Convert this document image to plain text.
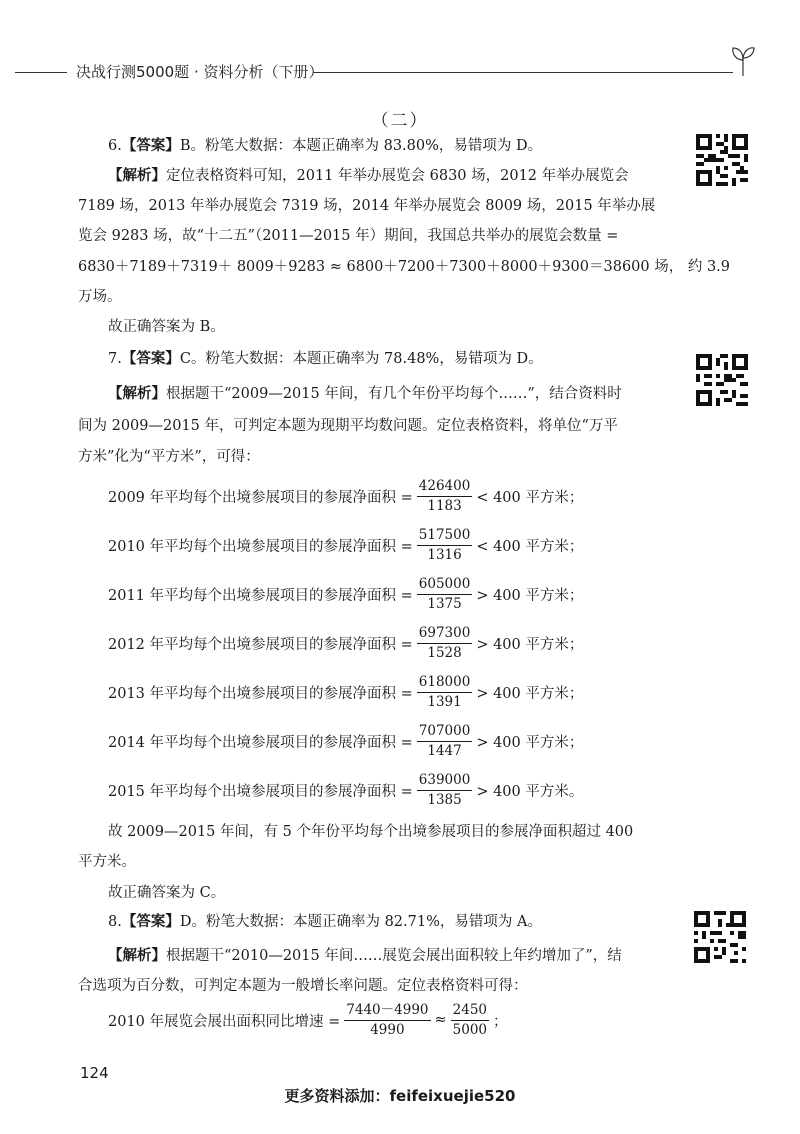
决战行测5000题 · 资料分析（下册）
（二）
6.【答案】B。粉笔大数据：本题正确率为 83.80%，易错项为 D。
【解析】定位表格资料可知，2011 年举办展览会 6830 场，2012 年举办展览会
7189 场，2013 年举办展览会 7319 场，2014 年举办展览会 8009 场，2015 年举办展
览会 9283 场，故“十二五”（2011—2015 年）期间，我国总共举办的展览会数量 =
6830＋7189＋7319＋ 8009＋9283 ≈ 6800＋7200＋7300＋8000＋9300＝38600 场， 约 3.9
万场。
故正确答案为 B。
7.【答案】C。粉笔大数据：本题正确率为 78.48%，易错项为 D。
【解析】根据题干“2009—2015 年间，有几个年份平均每个……”，结合资料时
间为 2009—2015 年，可判定本题为现期平均数问题。定位表格资料，将单位“万平
方米”化为“平方米”，可得：
2009 年平均每个出境参展项目的参展净面积 = $\frac{426400}{1183} < 400$ 平方米；
2010 年平均每个出境参展项目的参展净面积 = $\frac{517500}{1316} < 400$ 平方米；
2011 年平均每个出境参展项目的参展净面积 = $\frac{605000}{1375} > 400$ 平方米；
2012 年平均每个出境参展项目的参展净面积 = $\frac{697300}{1528} > 400$ 平方米；
2013 年平均每个出境参展项目的参展净面积 = $\frac{618000}{1391} > 400$ 平方米；
2014 年平均每个出境参展项目的参展净面积 = $\frac{707000}{1447} > 400$ 平方米；
2015 年平均每个出境参展项目的参展净面积 = $\frac{639000}{1385} > 400$ 平方米。
故 2009—2015 年间，有 5 个年份平均每个出境参展项目的参展净面积超过 400
平方米。
故正确答案为 C。
8.【答案】D。粉笔大数据：本题正确率为 82.71%，易错项为 A。
【解析】根据题干“2010—2015 年间……展览会展出面积较上年约增加了”，结
合选项为百分数，可判定本题为一般增长率问题。定位表格资料可得：
2010 年展览会展出面积同比增速 = $\frac{7440-4990}{4990} \approx \frac{2450}{5000}$ ；
124
更多资料添加：feifeixuejie520
